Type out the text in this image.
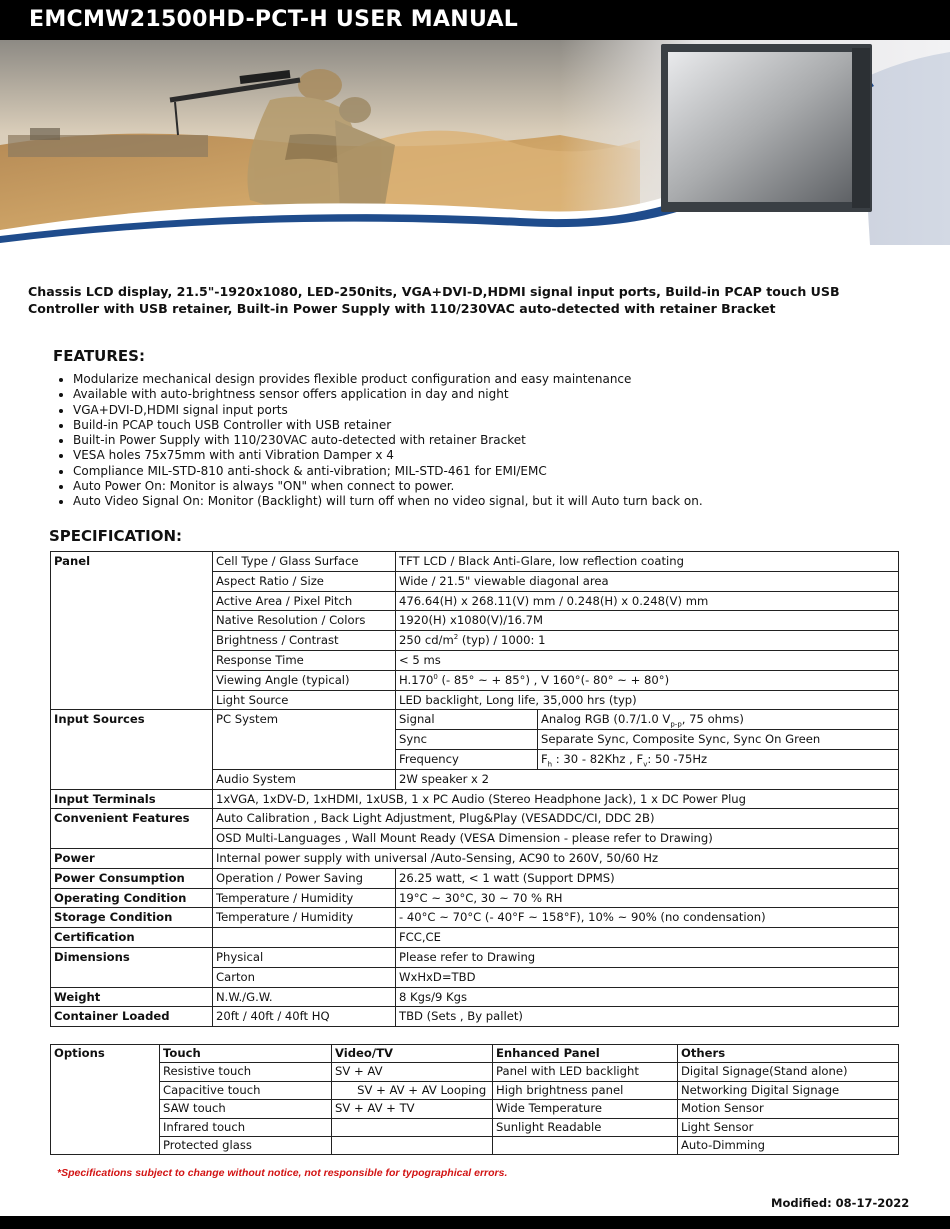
EMCMW21500HD-PCT-H USER MANUAL

Chassis LCD display, 21.5"-1920x1080, LED-250nits, VGA+DVI-D,HDMI signal input ports, Build-in PCAP touch USB Controller with USB retainer, Built-in Power Supply with 110/230VAC auto-detected with retainer Bracket

FEATURES:
• Modularize mechanical design provides flexible product configuration and easy maintenance
• Available with auto-brightness sensor offers application in day and night
• VGA+DVI-D,HDMI signal input ports
• Build-in PCAP touch USB Controller with USB retainer
• Built-in Power Supply with 110/230VAC auto-detected with retainer Bracket
• VESA holes 75x75mm with anti Vibration Damper x 4
• Compliance MIL-STD-810 anti-shock & anti-vibration; MIL-STD-461 for EMI/EMC
• Auto Power On: Monitor is always "ON" when connect to power.
• Auto Video Signal On: Monitor (Backlight) will turn off when no video signal, but it will Auto turn back on.
SPECIFICATION:
Panel	Cell Type / Glass Surface	TFT LCD / Black Anti-Glare, low reflection coating	
	Aspect Ratio / Size	Wide / 21.5" viewable diagonal area	
	Active Area / Pixel Pitch	476.64(H) x 268.11(V) mm / 0.248(H) x 0.248(V) mm	
	Native Resolution / Colors	1920(H) x1080(V)/16.7M	
	Brightness / Contrast	250 $cd/m^2$ (typ) / 1000: 1	
	Response Time	< 5 ms	
	Viewing Angle (typical)	H.170$^0$ (- 85° ~ + 85°) , V 160°(- 80° ~ + 80°)	
	Light Source	LED backlight, Long life, 35,000 hrs (typ)	
Input Sources	PC System	Signal	Analog RGB (0.7/1.0 $V_{p-p}$, 75 ohms)
		Sync	Separate Sync, Composite Sync, Sync On Green
		Frequency	$F_h$ : 30 - 82Khz , $F_v$: 50 -75Hz
	Audio System	2W speaker x 2	
Input Terminals	1xVGA, 1xDV-D, 1xHDMI, 1xUSB, 1 x PC Audio (Stereo Headphone Jack), 1 x DC Power Plug		
Convenient Features	Auto Calibration , Back Light Adjustment, Plug&Play (VESADDC/CI, DDC 2B)		
	OSD Multi-Languages , Wall Mount Ready (VESA Dimension - please refer to Drawing)		
Power	Internal power supply with universal /Auto-Sensing, AC90 to 260V, 50/60 Hz		
Power Consumption	Operation / Power Saving	26.25 watt, < 1 watt (Support DPMS)	
Operating Condition	Temperature / Humidity	19°C ~ 30°C, 30 ~ 70 % RH	
Storage Condition	Temperature / Humidity	- 40°C ~ 70°C (- 40°F ~ 158°F), 10% ~ 90% (no condensation)	
Certification		FCC,CE	
Dimensions	Physical	Please refer to Drawing	
	Carton	WxHxD=TBD	
Weight	N.W./G.W.	8 Kgs/9 Kgs	
Container Loaded	20ft / 40ft / 40ft HQ	TBD (Sets , By pallet)	
Options	Touch	Video/TV	Enhanced Panel	Others
	Resistive touch	SV + AV	Panel with LED backlight	Digital Signage(Stand alone)
	Capacitive touch	SV + AV + AV Looping	High brightness panel	Networking Digital Signage
	SAW touch	SV + AV + TV	Wide Temperature	Motion Sensor
	Infrared touch		Sunlight Readable	Light Sensor
	Protected glass			Auto-Dimming

*Specifications subject to change without notice, not responsible for typographical errors.

Modified: 08-17-2022
